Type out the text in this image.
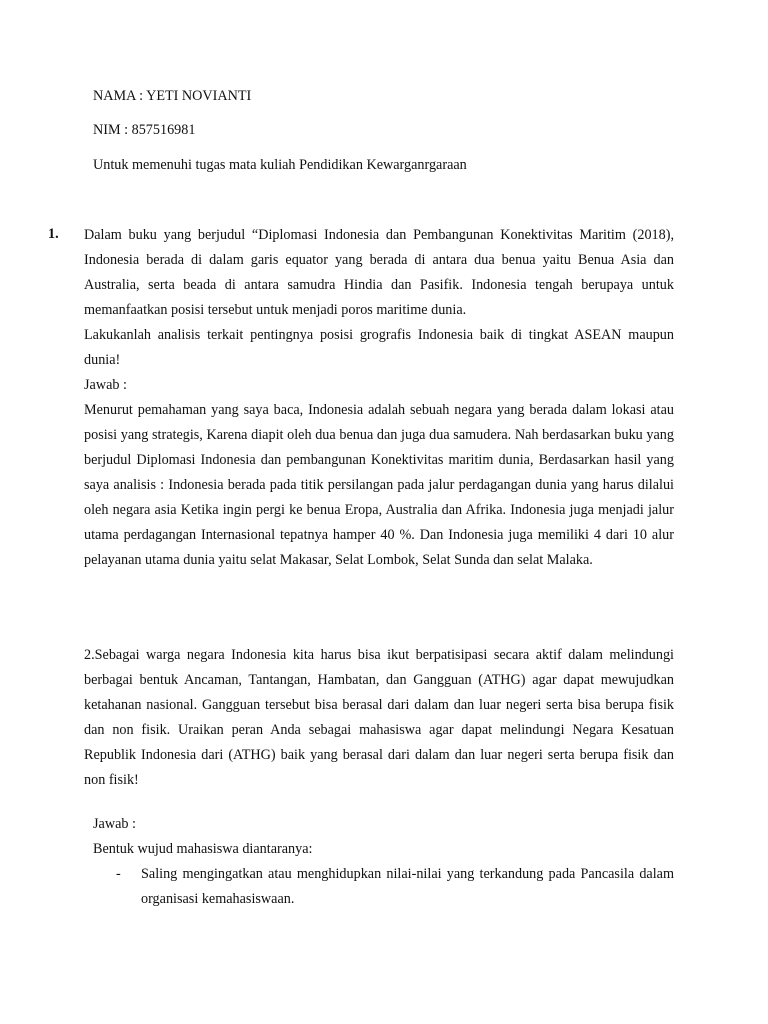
NAMA : YETI NOVIANTI

NIM : 857516981

Untuk memenuhi tugas mata kuliah Pendidikan Kewarganrgaraan

1. Dalam buku yang berjudul “Diplomasi Indonesia dan Pembangunan Konektivitas Maritim (2018), Indonesia berada di dalam garis equator yang berada di antara dua benua yaitu Benua Asia dan Australia, serta beada di antara samudra Hindia dan Pasifik. Indonesia tengah berupaya untuk memanfaatkan posisi tersebut untuk menjadi poros maritime dunia.

Lakukanlah analisis terkait pentingnya posisi grografis Indonesia baik di tingkat ASEAN maupun dunia!

Jawab :

Menurut pemahaman yang saya baca, Indonesia adalah sebuah negara yang berada dalam lokasi atau posisi yang strategis, Karena diapit oleh dua benua dan juga dua samudera. Nah berdasarkan buku yang berjudul Diplomasi Indonesia dan pembangunan Konektivitas maritim dunia, Berdasarkan hasil yang saya analisis : Indonesia berada pada titik persilangan pada jalur perdagangan dunia yang harus dilalui oleh negara asia Ketika ingin pergi ke benua Eropa, Australia dan Afrika. Indonesia juga menjadi jalur utama perdagangan Internasional tepatnya hamper 40 %. Dan Indonesia juga memiliki 4 dari 10 alur pelayanan utama dunia yaitu selat Makasar, Selat Lombok, Selat Sunda dan selat Malaka.

2.Sebagai warga negara Indonesia kita harus bisa ikut berpatisipasi secara aktif dalam melindungi berbagai bentuk Ancaman, Tantangan, Hambatan, dan Gangguan (ATHG) agar dapat mewujudkan ketahanan nasional. Gangguan tersebut bisa berasal dari dalam dan luar negeri serta bisa berupa fisik dan non fisik. Uraikan peran Anda sebagai mahasiswa agar dapat melindungi Negara Kesatuan Republik Indonesia dari (ATHG) baik yang berasal dari dalam dan luar negeri serta berupa fisik dan non fisik!

Jawab :

Bentuk wujud mahasiswa diantaranya:

- Saling mengingatkan atau menghidupkan nilai-nilai yang terkandung pada Pancasila dalam organisasi kemahasiswaan.
